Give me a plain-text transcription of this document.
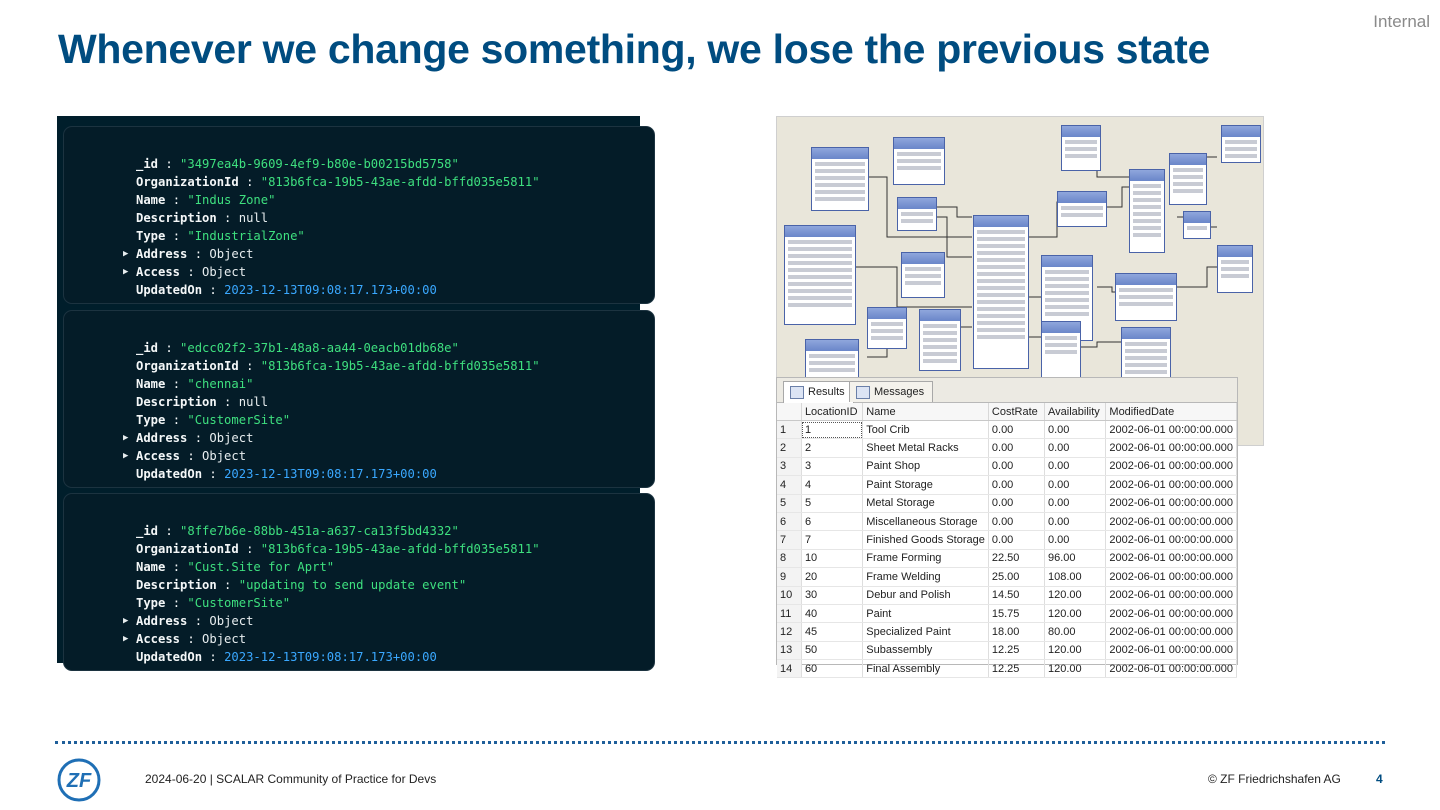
Internal
Whenever we change something, we lose the previous state
_id : "3497ea4b-9609-4ef9-b80e-b00215bd5758"
OrganizationId : "813b6fca-19b5-43ae-afdd-bffd035e5811"
Name : "Indus Zone"
Description : null
Type : "IndustrialZone"
▶ Address : Object
▶ Access : Object
UpdatedOn : 2023-12-13T09:08:17.173+00:00
_id : "edcc02f2-37b1-48a8-aa44-0eacb01db68e"
OrganizationId : "813b6fca-19b5-43ae-afdd-bffd035e5811"
Name : "chennai"
Description : null
Type : "CustomerSite"
▶ Address : Object
▶ Access : Object
UpdatedOn : 2023-12-13T09:08:17.173+00:00
_id : "8ffe7b6e-88bb-451a-a637-ca13f5bd4332"
OrganizationId : "813b6fca-19b5-43ae-afdd-bffd035e5811"
Name : "Cust.Site for Aprt"
Description : "updating to send update event"
Type : "CustomerSite"
▶ Address : Object
▶ Access : Object
UpdatedOn : 2023-12-13T09:08:17.173+00:00
Results	Messages
	LocationID	Name	CostRate	Availability	ModifiedDate
1	1	Tool Crib	0.00	0.00	2002-06-01 00:00:00.000
2	2	Sheet Metal Racks	0.00	0.00	2002-06-01 00:00:00.000
3	3	Paint Shop	0.00	0.00	2002-06-01 00:00:00.000
4	4	Paint Storage	0.00	0.00	2002-06-01 00:00:00.000
5	5	Metal Storage	0.00	0.00	2002-06-01 00:00:00.000
6	6	Miscellaneous Storage	0.00	0.00	2002-06-01 00:00:00.000
7	7	Finished Goods Storage	0.00	0.00	2002-06-01 00:00:00.000
8	10	Frame Forming	22.50	96.00	2002-06-01 00:00:00.000
9	20	Frame Welding	25.00	108.00	2002-06-01 00:00:00.000
10	30	Debur and Polish	14.50	120.00	2002-06-01 00:00:00.000
11	40	Paint	15.75	120.00	2002-06-01 00:00:00.000
12	45	Specialized Paint	18.00	80.00	2002-06-01 00:00:00.000
13	50	Subassembly	12.25	120.00	2002-06-01 00:00:00.000
14	60	Final Assembly	12.25	120.00	2002-06-01 00:00:00.000
ZF	2024-06-20 | SCALAR Community of Practice for Devs	© ZF Friedrichshafen AG	4
